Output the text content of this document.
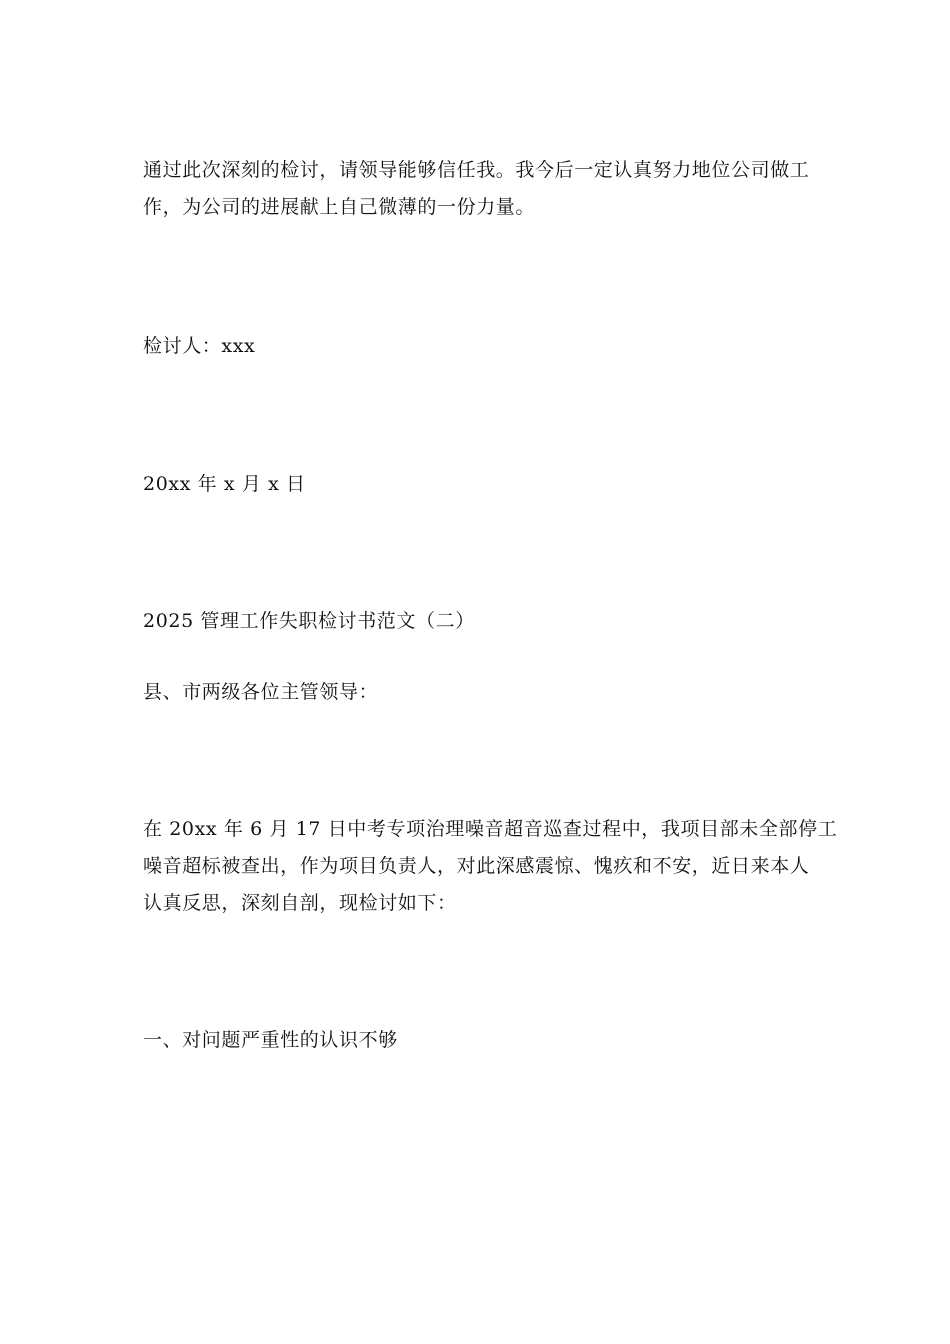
通过此次深刻的检讨，请领导能够信任我。我今后一定认真努力地位公司做工
作，为公司的进展献上自己微薄的一份力量。

检讨人：xxx

20xx 年 x 月 x 日

2025 管理工作失职检讨书范文（二）

县、市两级各位主管领导：

在 20xx 年 6 月 17 日中考专项治理噪音超音巡查过程中，我项目部未全部停工
噪音超标被查出，作为项目负责人，对此深感震惊、愧疚和不安，近日来本人
认真反思，深刻自剖，现检讨如下：

一、对问题严重性的认识不够
